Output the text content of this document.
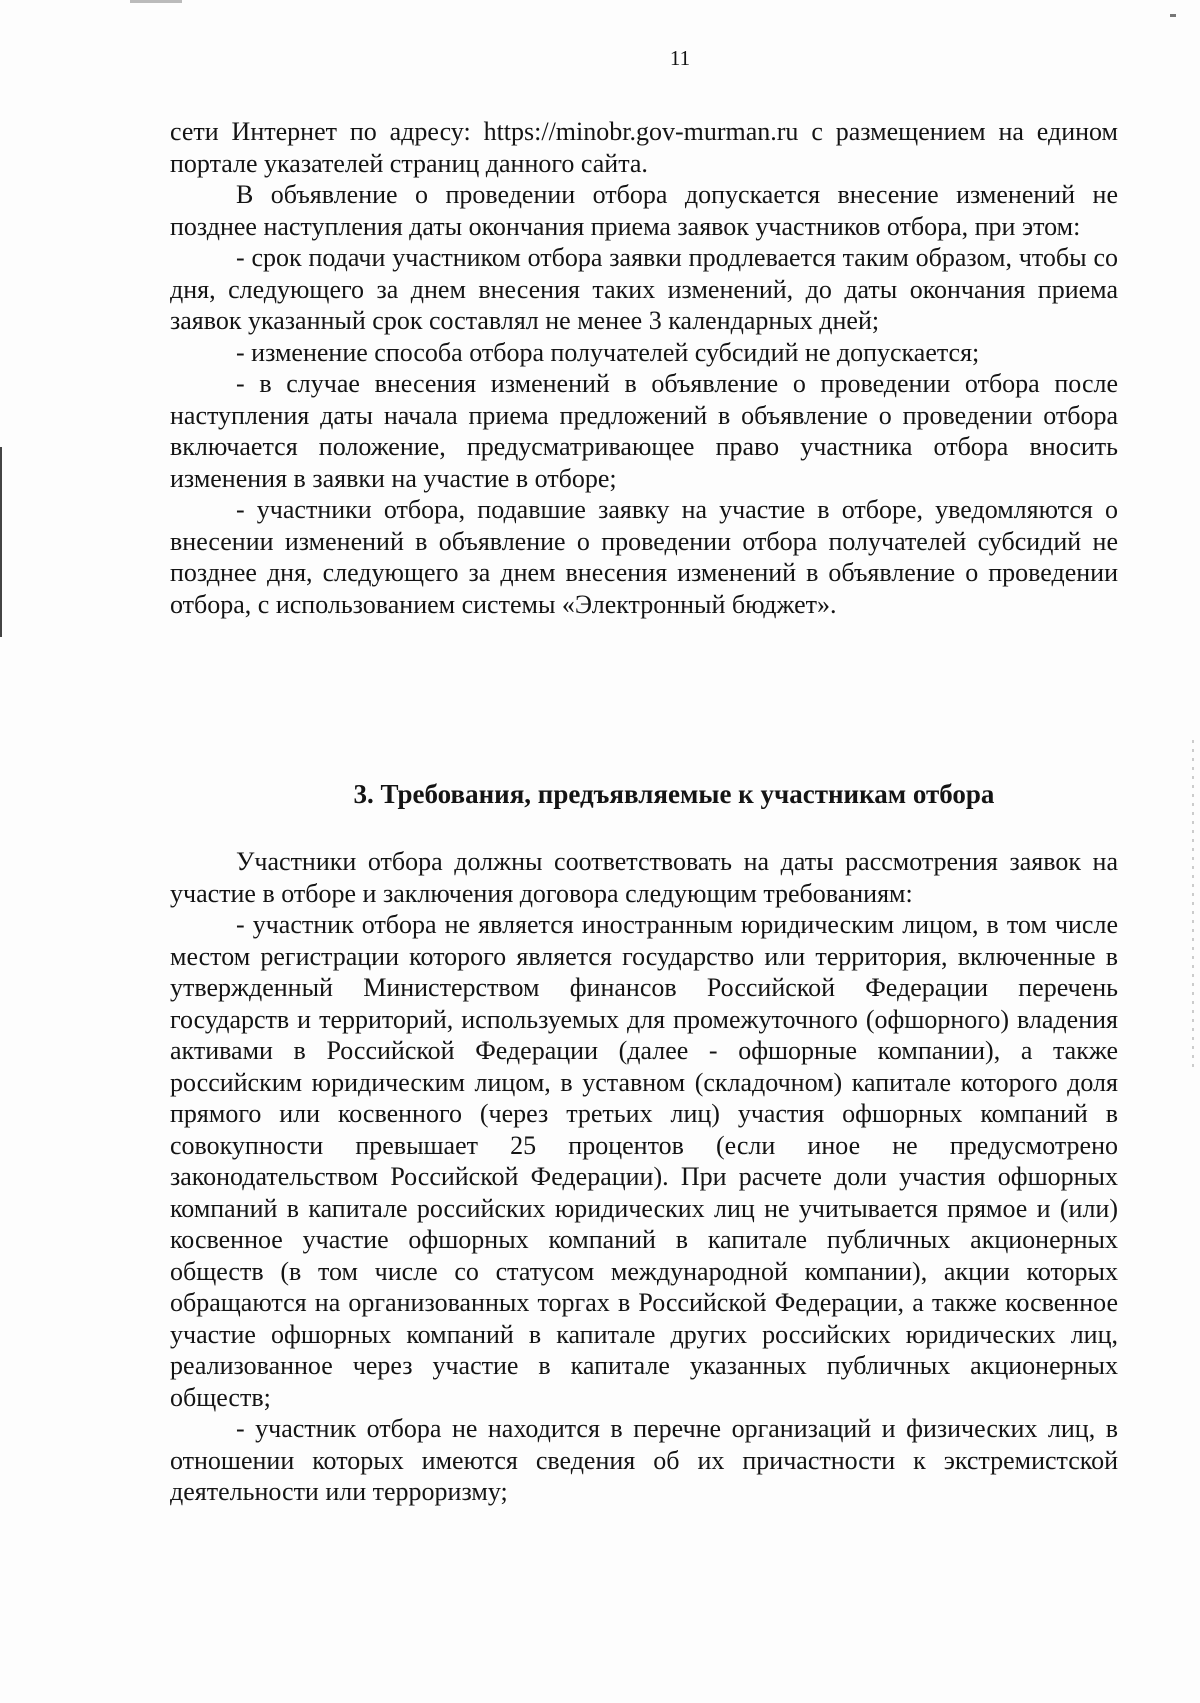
11

сети Интернет по адресу: https://minobr.gov-murman.ru с размещением на едином портале указателей страниц данного сайта.

В объявление о проведении отбора допускается внесение изменений не позднее наступления даты окончания приема заявок участников отбора, при этом:

- срок подачи участником отбора заявки продлевается таким образом, чтобы со дня, следующего за днем внесения таких изменений, до даты окончания приема заявок указанный срок составлял не менее 3 календарных дней;

- изменение способа отбора получателей субсидий не допускается;

- в случае внесения изменений в объявление о проведении отбора после наступления даты начала приема предложений в объявление о проведении отбора включается положение, предусматривающее право участника отбора вносить изменения в заявки на участие в отборе;

- участники отбора, подавшие заявку на участие в отборе, уведомляются о внесении изменений в объявление о проведении отбора получателей субсидий не позднее дня, следующего за днем внесения изменений в объявление о проведении отбора, с использованием системы «Электронный бюджет».

3. Требования, предъявляемые к участникам отбора

Участники отбора должны соответствовать на даты рассмотрения заявок на участие в отборе и заключения договора следующим требованиям:

- участник отбора не является иностранным юридическим лицом, в том числе местом регистрации которого является государство или территория, включенные в утвержденный Министерством финансов Российской Федерации перечень государств и территорий, используемых для промежуточного (офшорного) владения активами в Российской Федерации (далее - офшорные компании), а также российским юридическим лицом, в уставном (складочном) капитале которого доля прямого или косвенного (через третьих лиц) участия офшорных компаний в совокупности превышает 25 процентов (если иное не предусмотрено законодательством Российской Федерации). При расчете доли участия офшорных компаний в капитале российских юридических лиц не учитывается прямое и (или) косвенное участие офшорных компаний в капитале публичных акционерных обществ (в том числе со статусом международной компании), акции которых обращаются на организованных торгах в Российской Федерации, а также косвенное участие офшорных компаний в капитале других российских юридических лиц, реализованное через участие в капитале указанных публичных акционерных обществ;

- участник отбора не находится в перечне организаций и физических лиц, в отношении которых имеются сведения об их причастности к экстремистской деятельности или терроризму;
